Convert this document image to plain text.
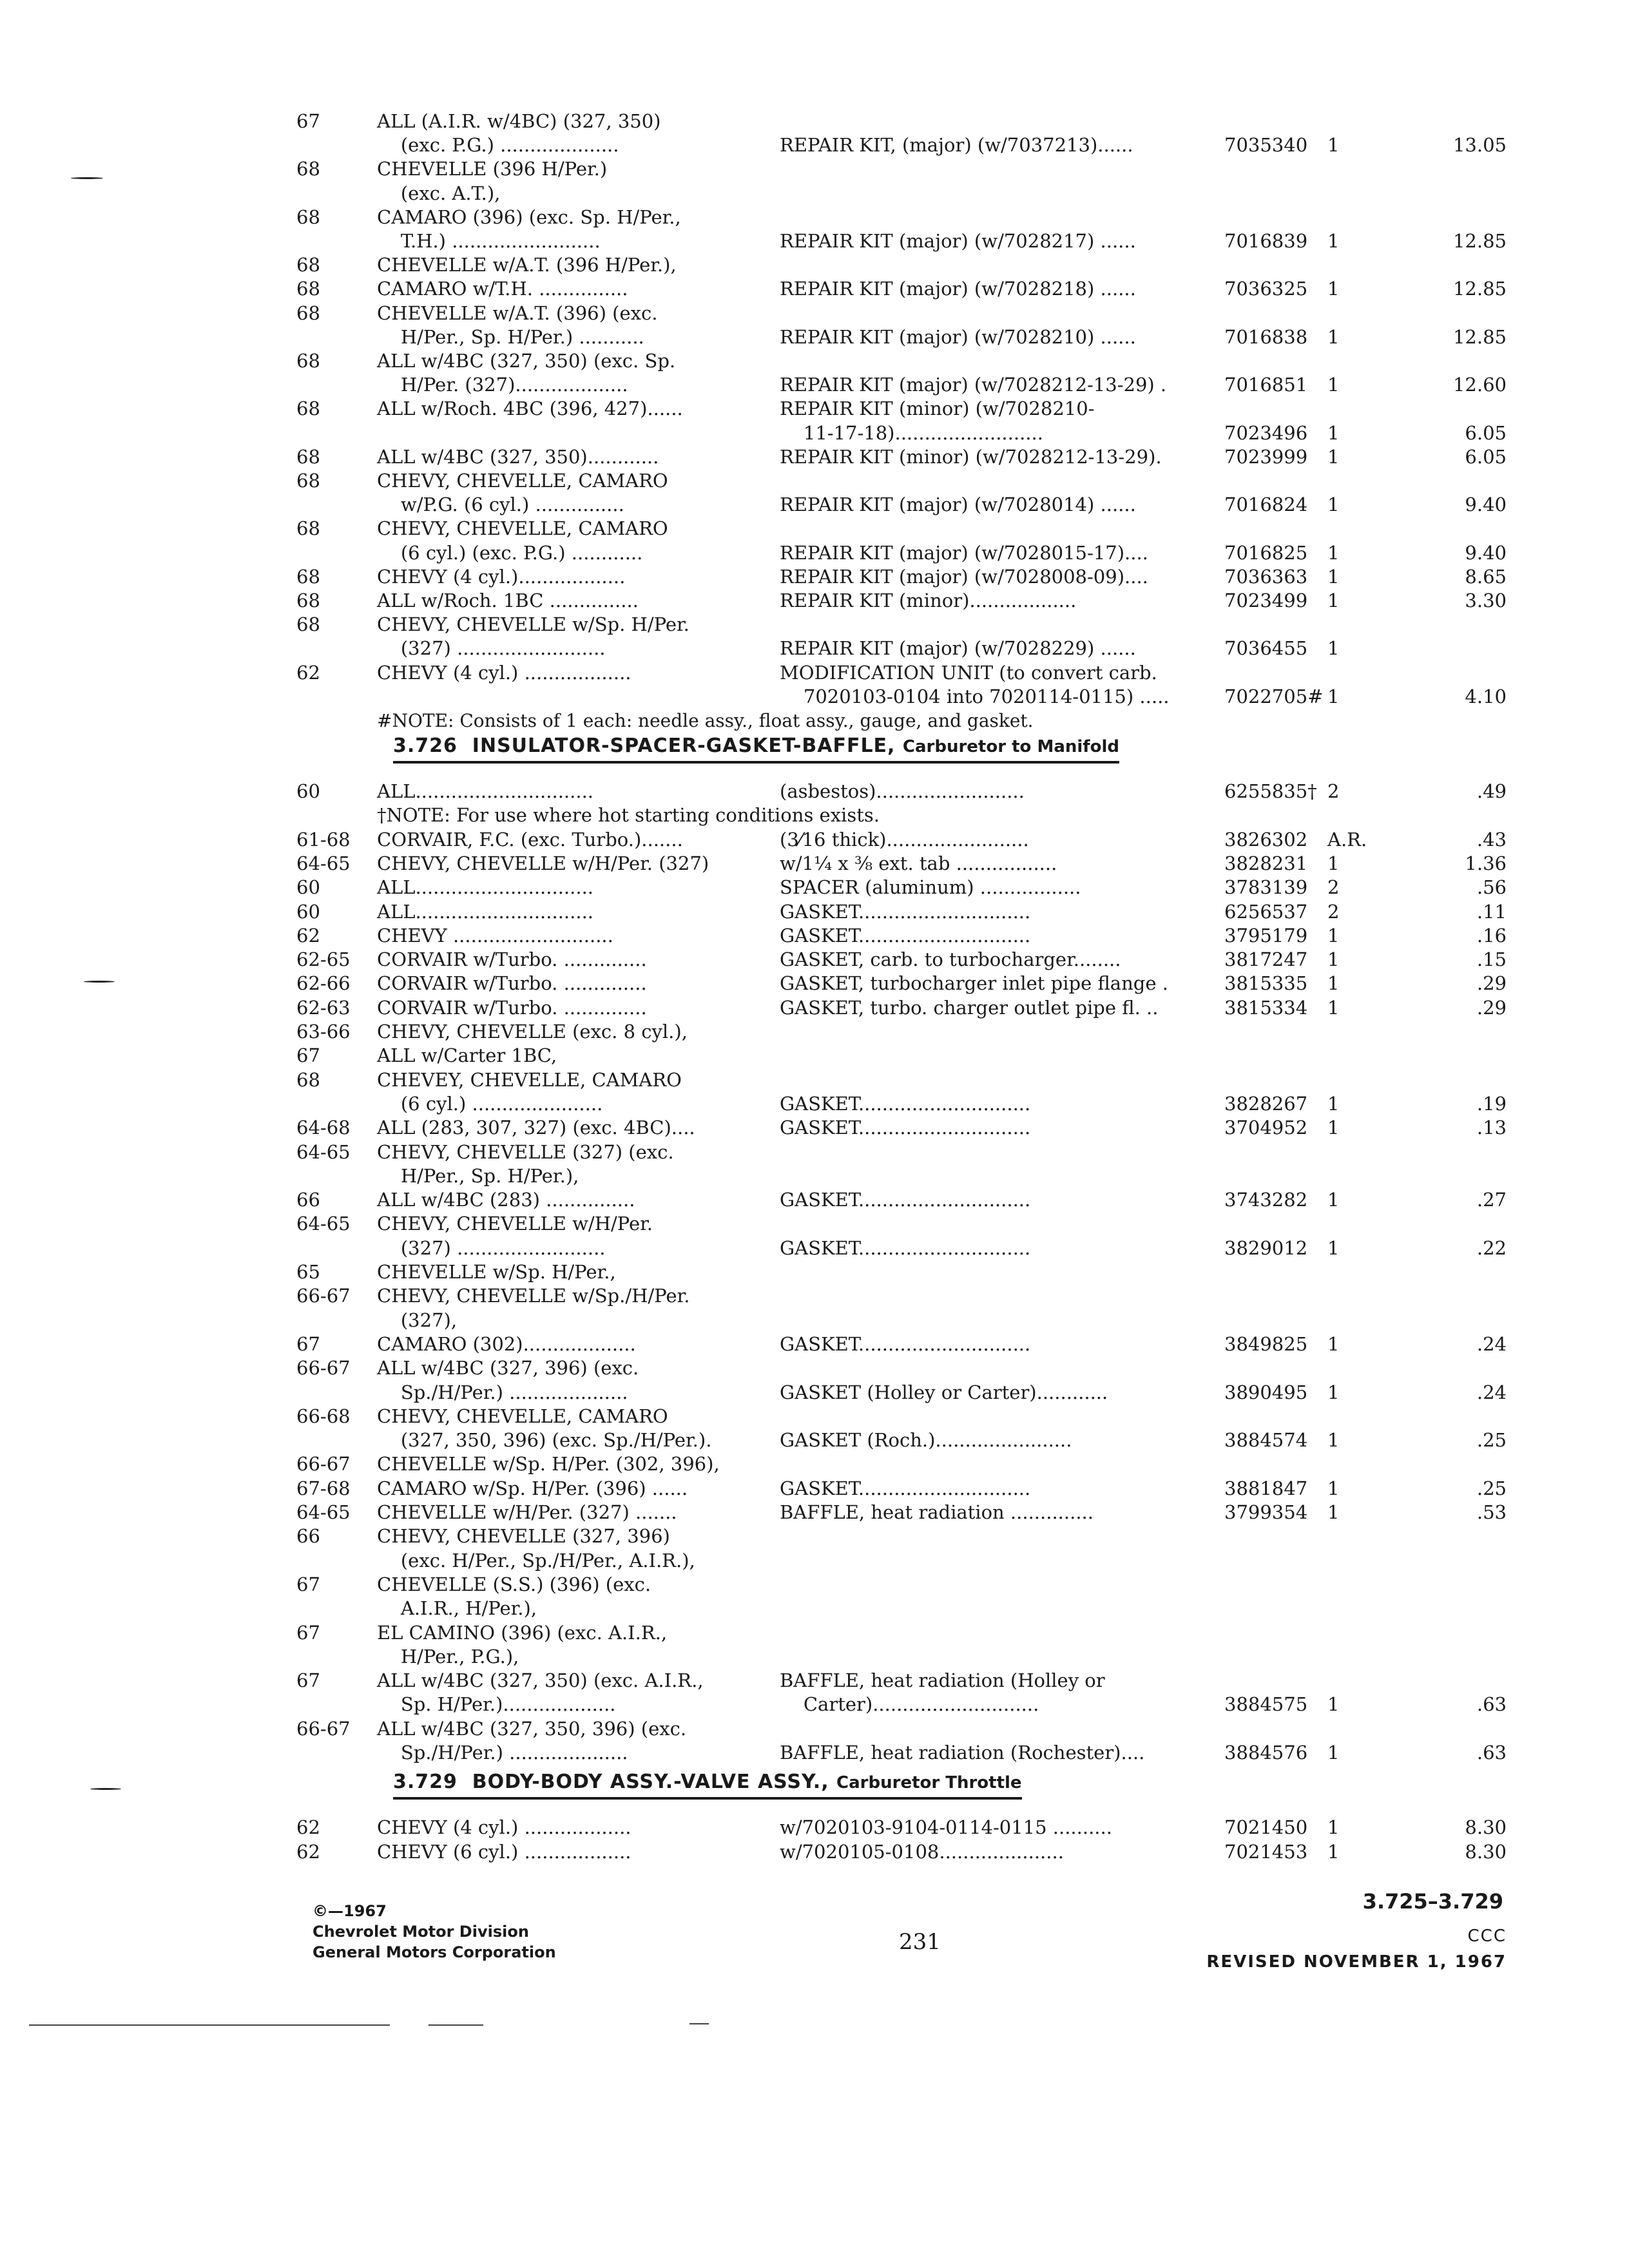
67	ALL (A.I.R. w/4BC) (327, 350)
(exc. P.G.) ....................	REPAIR KIT, (major) (w/7037213)......	7035340 1	13.05
68	CHEVELLE (396 H/Per.)
(exc. A.T.),
68	CAMARO (396) (exc. Sp. H/Per.,
T.H.) .........................	REPAIR KIT (major) (w/7028217) ......	7016839 1	12.85
68	CHEVELLE w/A.T. (396 H/Per.),
68	CAMARO w/T.H. ...............	REPAIR KIT (major) (w/7028218) ......	7036325 1	12.85
68	CHEVELLE w/A.T. (396) (exc.
H/Per., Sp. H/Per.) ...........	REPAIR KIT (major) (w/7028210) ......	7016838 1	12.85
68	ALL w/4BC (327, 350) (exc. Sp.
H/Per. (327)...................	REPAIR KIT (major) (w/7028212-13-29) .	7016851 1	12.60
68	ALL w/Roch. 4BC (396, 427)......	REPAIR KIT (minor) (w/7028210-
11-17-18).........................	7023496 1	6.05
68	ALL w/4BC (327, 350)............	REPAIR KIT (minor) (w/7028212-13-29).	7023999 1	6.05
68	CHEVY, CHEVELLE, CAMARO
w/P.G. (6 cyl.) ...............	REPAIR KIT (major) (w/7028014) ......	7016824 1	9.40
68	CHEVY, CHEVELLE, CAMARO
(6 cyl.) (exc. P.G.) ............	REPAIR KIT (major) (w/7028015-17)....	7016825 1	9.40
68	CHEVY (4 cyl.)..................	REPAIR KIT (major) (w/7028008-09)....	7036363 1	8.65
68	ALL w/Roch. 1BC ...............	REPAIR KIT (minor)..................	7023499 1	3.30
68	CHEVY, CHEVELLE w/Sp. H/Per.
(327) .........................	REPAIR KIT (major) (w/7028229) ......	7036455 1
62	CHEVY (4 cyl.) ..................	MODIFICATION UNIT (to convert carb.
7020103-0104 into 7020114-0115) .....	7022705# 1	4.10
#NOTE: Consists of 1 each: needle assy., float assy., gauge, and gasket.
3.726 INSULATOR-SPACER-GASKET-BAFFLE, Carburetor to Manifold
60	ALL..............................	(asbestos).........................	6255835† 2	.49
†NOTE: For use where hot starting conditions exists.
61-68 CORVAIR, F.C. (exc. Turbo.).......	(3⁄16 thick)........................	3826302 A.R.	.43
64-65 CHEVY, CHEVELLE w/H/Per. (327)	w/1¼ x ⅜ ext. tab .................	3828231 1	1.36
60	ALL..............................	SPACER (aluminum) .................	3783139 2	.56
60	ALL..............................	GASKET.............................	6256537 2	.11
62	CHEVY ...........................	GASKET.............................	3795179 1	.16
62-65 CORVAIR w/Turbo. ..............	GASKET, carb. to turbocharger........	3817247 1	.15
62-66 CORVAIR w/Turbo. ..............	GASKET, turbocharger inlet pipe flange .	3815335 1	.29
62-63 CORVAIR w/Turbo. ..............	GASKET, turbo. charger outlet pipe fl. ..	3815334 1	.29
63-66 CHEVY, CHEVELLE (exc. 8 cyl.),
67	ALL w/Carter 1BC,
68	CHEVEY, CHEVELLE, CAMARO
(6 cyl.) ......................	GASKET.............................	3828267 1	.19
64-68 ALL (283, 307, 327) (exc. 4BC)....	GASKET.............................	3704952 1	.13
64-65 CHEVY, CHEVELLE (327) (exc.
H/Per., Sp. H/Per.),
66	ALL w/4BC (283) ...............	GASKET.............................	3743282 1	.27
64-65 CHEVY, CHEVELLE w/H/Per.
(327) .........................	GASKET.............................	3829012 1	.22
65	CHEVELLE w/Sp. H/Per.,
66-67 CHEVY, CHEVELLE w/Sp./H/Per.
(327),
67	CAMARO (302)...................	GASKET.............................	3849825 1	.24
66-67 ALL w/4BC (327, 396) (exc.
Sp./H/Per.) ....................	GASKET (Holley or Carter)............	3890495 1	.24
66-68 CHEVY, CHEVELLE, CAMARO
(327, 350, 396) (exc. Sp./H/Per.).	GASKET (Roch.).......................	3884574 1	.25
66-67 CHEVELLE w/Sp. H/Per. (302, 396),
67-68 CAMARO w/Sp. H/Per. (396) ......	GASKET.............................	3881847 1	.25
64-65 CHEVELLE w/H/Per. (327) .......	BAFFLE, heat radiation ..............	3799354 1	.53
66	CHEVY, CHEVELLE (327, 396)
(exc. H/Per., Sp./H/Per., A.I.R.),
67	CHEVELLE (S.S.) (396) (exc.
A.I.R., H/Per.),
67	EL CAMINO (396) (exc. A.I.R.,
H/Per., P.G.),
67	ALL w/4BC (327, 350) (exc. A.I.R.,	BAFFLE, heat radiation (Holley or
Sp. H/Per.)...................	Carter)............................	3884575 1	.63
66-67 ALL w/4BC (327, 350, 396) (exc.
Sp./H/Per.) ....................	BAFFLE, heat radiation (Rochester)....	3884576 1	.63
3.729 BODY-BODY ASSY.-VALVE ASSY., Carburetor Throttle
62	CHEVY (4 cyl.) ..................	w/7020103-9104-0114-0115 ..........	7021450 1	8.30
62	CHEVY (6 cyl.) ..................	w/7020105-0108.....................	7021453 1	8.30
©—1967
Chevrolet Motor Division
General Motors Corporation	231
3.725–3.729
CCC
REVISED NOVEMBER 1, 1967
